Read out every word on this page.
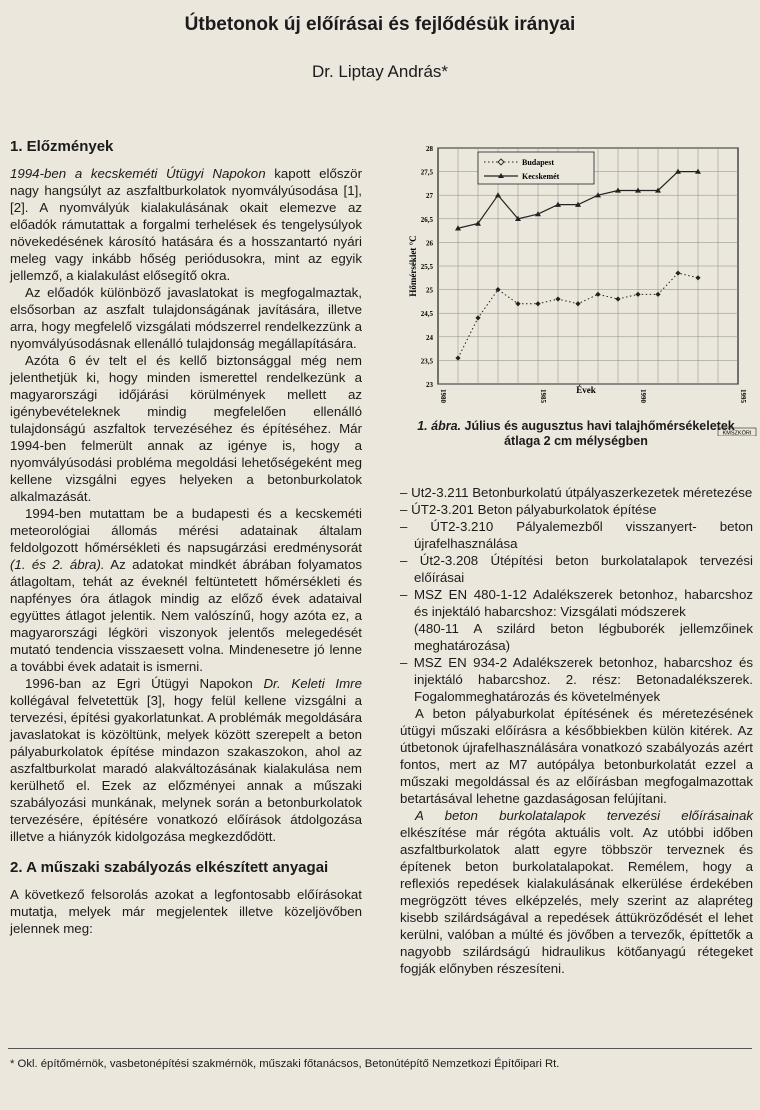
Útbetonok új előírásai és fejlődésük irányai
Dr. Liptay András*
1. Előzmények

1994-ben a kecskeméti Útügyi Napokon kapott először nagy hangsúlyt az aszfaltburkolatok nyomvályúsodása [1], [2]. A nyomvályúk kialakulásának okait elemezve az előadók rámutattak a forgalmi terhelések és tengelysúlyok növekedésének károsító hatására és a hosszantartó nyári meleg vagy inkább hőség periódusokra, mint az egyik jellemző, a kialakulást elősegítő okra.

Az előadók különböző javaslatokat is megfogalmaztak, elsősorban az aszfalt tulajdonságának javítására, illetve arra, hogy megfelelő vizsgálati módszerrel rendelkezzünk a nyomvályúsodásnak ellenálló tulajdonság megállapítására.

Azóta 6 év telt el és kellő biztonsággal még nem jelenthetjük ki, hogy minden ismerettel rendelkezünk a magyarországi időjárási körülmények mellett az igénybevételeknek mindig megfelelően ellenálló tulajdonságú aszfaltok tervezéséhez és építéséhez. Már 1994-ben felmerült annak az igénye is, hogy a nyomvályúsodási probléma megoldási lehetőségeként meg kellene vizsgálni egyes helyeken a betonburkolatok alkalmazását.

1994-ben mutattam be a budapesti és a kecskeméti meteorológiai állomás mérési adatainak általam feldolgozott hőmérsékleti és napsugárzási eredménysorát (1. és 2. ábra). Az adatokat mindkét ábrában folyamatos átlagoltam, tehát az éveknél feltüntetett hőmérsékleti és napfényes óra átlagok mindig az előző évek adataival együttes átlagot jelentik. Nem valószínű, hogy azóta ez, a magyarországi légköri viszonyok jelentős melegedését mutató tendencia visszaesett volna. Mindenesetre jó lenne a további évek adatait is ismerni.

1996-ban az Egri Útügyi Napokon Dr. Keleti Imre kollégával felvetettük [3], hogy felül kellene vizsgálni a tervezési, építési gyakorlatunkat. A problémák megoldására javaslatokat is közöltünk, melyek között szerepelt a beton pályaburkolatok építése mindazon szakaszokon, ahol az aszfaltburkolat maradó alakváltozásának kialakulása nem kerülhető el. Ezek az előzményei annak a műszaki szabályozási munkának, melynek során a betonburkolatok tervezésére, építésére vonatkozó előírások átdolgozása illetve a hiányzók kidolgozása megkezdődött.

2. A műszaki szabályozás elkészített anyagai

A következő felsorolás azokat a legfontosabb előírásokat mutatja, melyek már megjelentek illetve közeljövőben jelennek meg:

23
23,5
24
24,5
25
25,5
26
26,5
27
27,5
28
1980	1985	1990	1995
Hőmérséklet °C
Évek
Budapest
Kecskemét
KMSZKÖRI
1. ábra. Július és augusztus havi talajhőmérsékeletek átlaga 2 cm mélységben

– Ut2-3.211 Betonburkolatú útpályaszerkezetek méretezése

– ÚT2-3.201 Beton pályaburkolatok építése

– ÚT2-3.210 Pályalemezből visszanyert- beton újrafelhasználása

– Út2-3.208 Útépítési beton burkolatalapok tervezési előírásai

– MSZ EN 480-1-12 Adalékszerek betonhoz, habarcshoz és injektáló habarcshoz: Vizsgálati módszerek

(480-11 A szilárd beton légbuborék jellemzőinek meghatározása)

– MSZ EN 934-2 Adalékszerek betonhoz, habarcshoz és injektáló habarcshoz. 2. rész: Betonadalékszerek. Fogalommeghatározás és követelmények

A beton pályaburkolat építésének és méretezésének útügyi műszaki előírásra a későbbiekben külön kitérek. Az útbetonok újrafelhasználására vonatkozó szabályozás azért fontos, mert az M7 autópálya betonburkolatát ezzel a műszaki megoldással és az előírásban megfogalmazottak betartásával lehetne gazdaságosan felújítani.

A beton burkolatalapok tervezési előírásainak elkészítése már régóta aktuális volt. Az utóbbi időben aszfaltburkolatok alatt egyre többször terveznek és építenek beton burkolatalapokat. Remélem, hogy a reflexiós repedések kialakulásának elkerülése érdekében megrögzött téves elképzelés, mely szerint az alapréteg kisebb szilárdságával a repedések áttükröződését el lehet kerülni, valóban a múlté és jövőben a tervezők, építtetők a nagyobb szilárdságú hidraulikus kötőanyagú rétegeket fogják előnyben részesíteni.

* Okl. építőmérnök, vasbetonépítési szakmérnök, műszaki főtanácsos, Betonútépítő Nemzetkozi Építőipari Rt.
